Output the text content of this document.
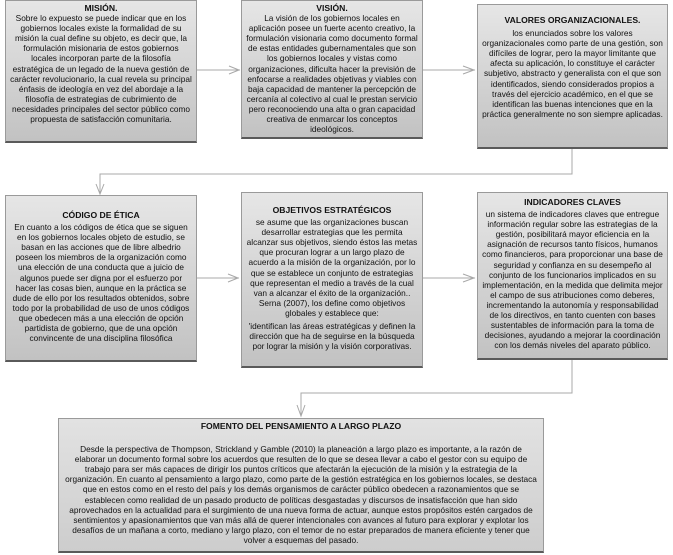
MISIÓN.

Sobre lo expuesto se puede indicar que en los gobiernos locales existe la formalidad de su misión la cual define su objeto, es decir que, la formulación misionaria de estos gobiernos locales incorporan parte de la filosofía estratégica de un legado de la nueva gestión de carácter revolucionario, la cual revela su principal énfasis de ideología en vez del abordaje a la filosofía de estrategias de cubrimiento de necesidades principales del sector público como propuesta de satisfacción comunitaria.

VISIÓN.

La visión de los gobiernos locales en aplicación posee un fuerte acento creativo, la formulación visionaria como documento formal de estas entidades gubernamentales que son los gobiernos locales y vistas como organizaciones, dificulta hacer la previsión de enfocarse a realidades objetivas y viables con baja capacidad de mantener la percepción de cercanía al colectivo al cual le prestan servicio pero reconociendo una alta o gran capacidad creativa de enmarcar los conceptos ideológicos.

VALORES ORGANIZACIONALES.

los enunciados sobre los valores organizacionales como parte de una gestión, son difíciles de lograr, pero la mayor limitante que afecta su aplicación, lo constituye el carácter subjetivo, abstracto y generalista con el que son identificados, siendo considerados propios a través del ejercicio académico, en el que se identifican las buenas intenciones que en la práctica generalmente no son siempre aplicadas.

CÓDIGO DE ÉTICA

En cuanto a los códigos de ética que se siguen en los gobiernos locales objeto de estudio, se basan en las acciones que de libre albedrio poseen los miembros de la organización como una elección de una conducta que a juicio de algunos puede ser digna por el esfuerzo por hacer las cosas bien, aunque en la práctica se dude de ello por los resultados obtenidos, sobre todo por la probabilidad de uso de unos códigos que obedecen más a una elección de opción partidista de gobierno, que de una opción convincente de una disciplina filosófica

OBJETIVOS ESTRATÉGICOS

se asume que las organizaciones buscan desarrollar estrategias que les permita alcanzar sus objetivos, siendo éstos las metas que procuran lograr a un largo plazo de acuerdo a la misión de la organización, por lo que se establece un conjunto de estrategias que representan el medio a través de la cual van a alcanzar el éxito de la organización.. Serna (2007), los define como objetivos globales y establece que:

'identifican las áreas estratégicas y definen la dirección que ha de seguirse en la búsqueda por lograr la misión y la visión corporativas.

INDICADORES CLAVES

un sistema de indicadores claves que entregue información regular sobre las estrategias de la gestión, posibilitará mayor eficiencia en la asignación de recursos tanto físicos, humanos como financieros, para proporcionar una base de seguridad y confianza en su desempeño al conjunto de los funcionarios implicados en su implementación, en la medida que delimita mejor el campo de sus atribuciones como deberes, incrementando la autonomía y responsabilidad de los directivos, en tanto cuenten con bases sustentables de información para la toma de decisiones, ayudando a mejorar la coordinación con los demás niveles del aparato público.

FOMENTO DEL PENSAMIENTO A LARGO PLAZO

Desde la perspectiva de Thompson, Strickland y Gamble (2010) la planeación a largo plazo es importante, a la razón de elaborar un documento formal sobre los acuerdos que resulten de lo que se desea llevar a cabo el gestor con su equipo de trabajo para ser más capaces de dirigir los puntos críticos que afectarán la ejecución de la misión y la estrategia de la organización. En cuanto al pensamiento a largo plazo, como parte de la gestión estratégica en los gobiernos locales, se destaca que en estos como en el resto del país y los demás organismos de carácter público obedecen a razonamientos que se establecen como realidad de un pasado producto de políticas desgastadas y discursos de insatisfacción que han sido aprovechados en la actualidad para el surgimiento de una nueva forma de actuar, aunque estos propósitos estén cargados de sentimientos y apasionamientos que van más allá de querer intencionales con avances al futuro para explorar y explotar los desafíos de un mañana a corto, mediano y largo plazo, con el temor de no estar preparados de manera eficiente y tener que volver a esquemas del pasado.
